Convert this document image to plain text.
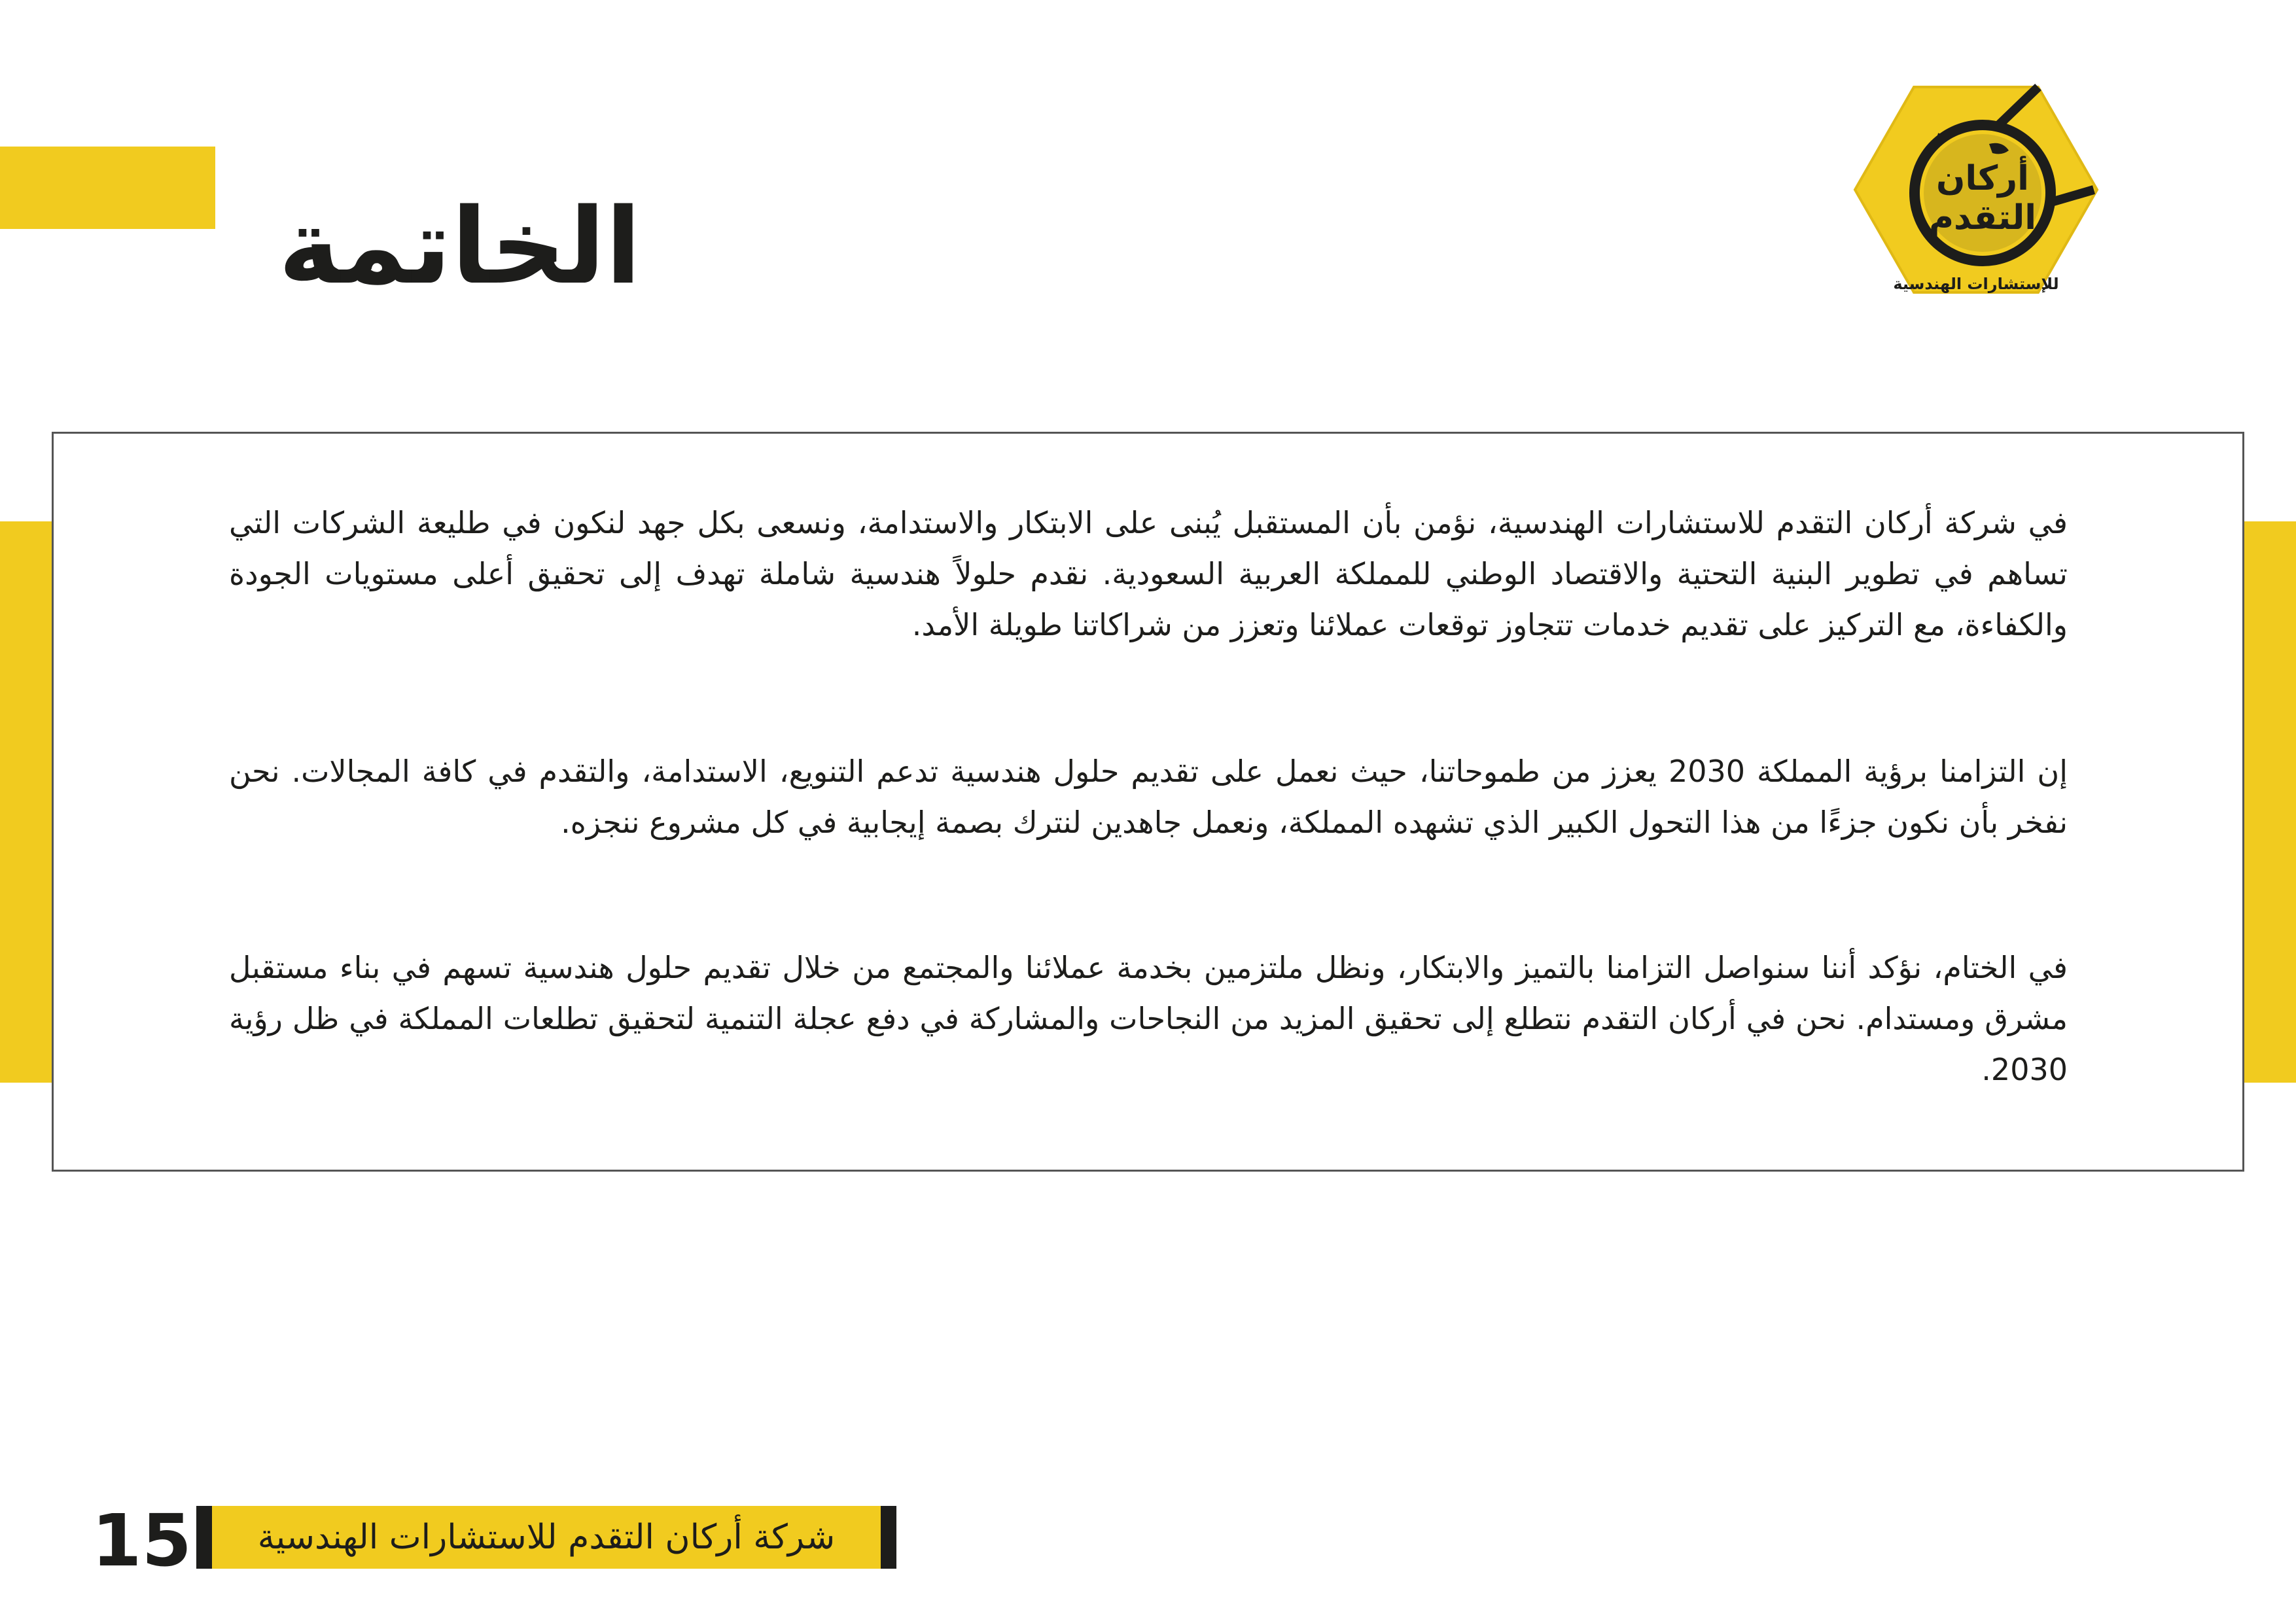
الخاتمة
أركان
التقدم
للإستشارات الهندسية

في شركة أركان التقدم للاستشارات الهندسية، نؤمن بأن المستقبل يُبنى على الابتكار والاستدامة، ونسعى بكل جهد لنكون في طليعة الشركات التي تساهم في تطوير البنية التحتية والاقتصاد الوطني للمملكة العربية السعودية. نقدم حلولاً هندسية شاملة تهدف إلى تحقيق أعلى مستويات الجودة والكفاءة، مع التركيز على تقديم خدمات تتجاوز توقعات عملائنا وتعزز من شراكاتنا طويلة الأمد.

إن التزامنا برؤية المملكة 2030 يعزز من طموحاتنا، حيث نعمل على تقديم حلول هندسية تدعم التنويع، الاستدامة، والتقدم في كافة المجالات. نحن نفخر بأن نكون جزءًا من هذا التحول الكبير الذي تشهده المملكة، ونعمل جاهدين لنترك بصمة إيجابية في كل مشروع ننجزه.

في الختام، نؤكد أننا سنواصل التزامنا بالتميز والابتكار، ونظل ملتزمين بخدمة عملائنا والمجتمع من خلال تقديم حلول هندسية تسهم في بناء مستقبل مشرق ومستدام. نحن في أركان التقدم نتطلع إلى تحقيق المزيد من النجاحات والمشاركة في دفع عجلة التنمية لتحقيق تطلعات المملكة في ظل رؤية 2030.

15	شركة أركان التقدم للاستشارات الهندسية
